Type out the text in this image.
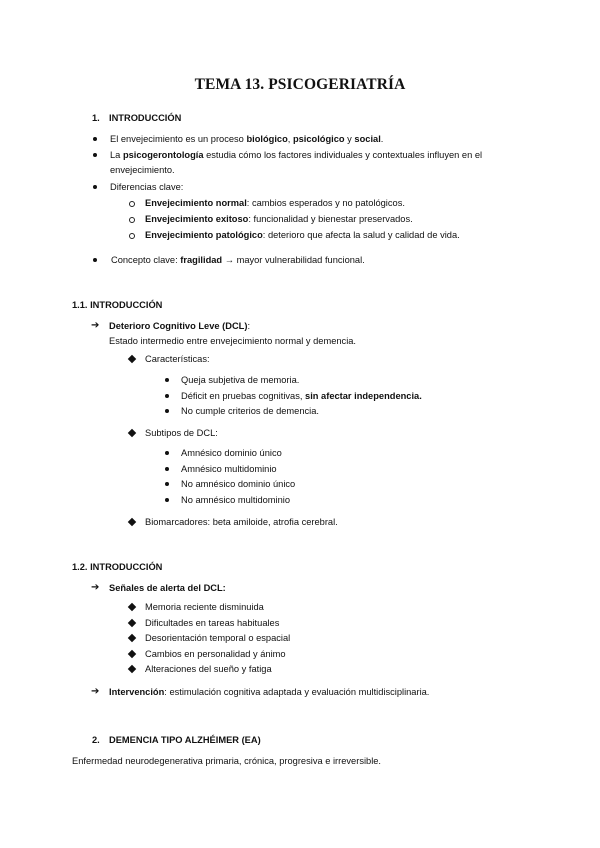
TEMA 13. PSICOGERIATRÍA
1. INTRODUCCIÓN
El envejecimiento es un proceso biológico, psicológico y social.
La psicogerontología estudia cómo los factores individuales y contextuales influyen en el
envejecimiento.
Diferencias clave:
Envejecimiento normal: cambios esperados y no patológicos.
Envejecimiento exitoso: funcionalidad y bienestar preservados.
Envejecimiento patológico: deterioro que afecta la salud y calidad de vida.
Concepto clave: fragilidad → mayor vulnerabilidad funcional.
1.1. INTRODUCCIÓN
➔ Deterioro Cognitivo Leve (DCL):
Estado intermedio entre envejecimiento normal y demencia.
Características:
Queja subjetiva de memoria.
Déficit en pruebas cognitivas, sin afectar independencia.
No cumple criterios de demencia.
Subtipos de DCL:
Amnésico dominio único
Amnésico multidominio
No amnésico dominio único
No amnésico multidominio
Biomarcadores: beta amiloide, atrofia cerebral.
1.2. INTRODUCCIÓN
➔ Señales de alerta del DCL:
Memoria reciente disminuida
Dificultades en tareas habituales
Desorientación temporal o espacial
Cambios en personalidad y ánimo
Alteraciones del sueño y fatiga
➔ Intervención: estimulación cognitiva adaptada y evaluación multidisciplinaria.
2. DEMENCIA TIPO ALZHÉIMER (EA)
Enfermedad neurodegenerativa primaria, crónica, progresiva e irreversible.
